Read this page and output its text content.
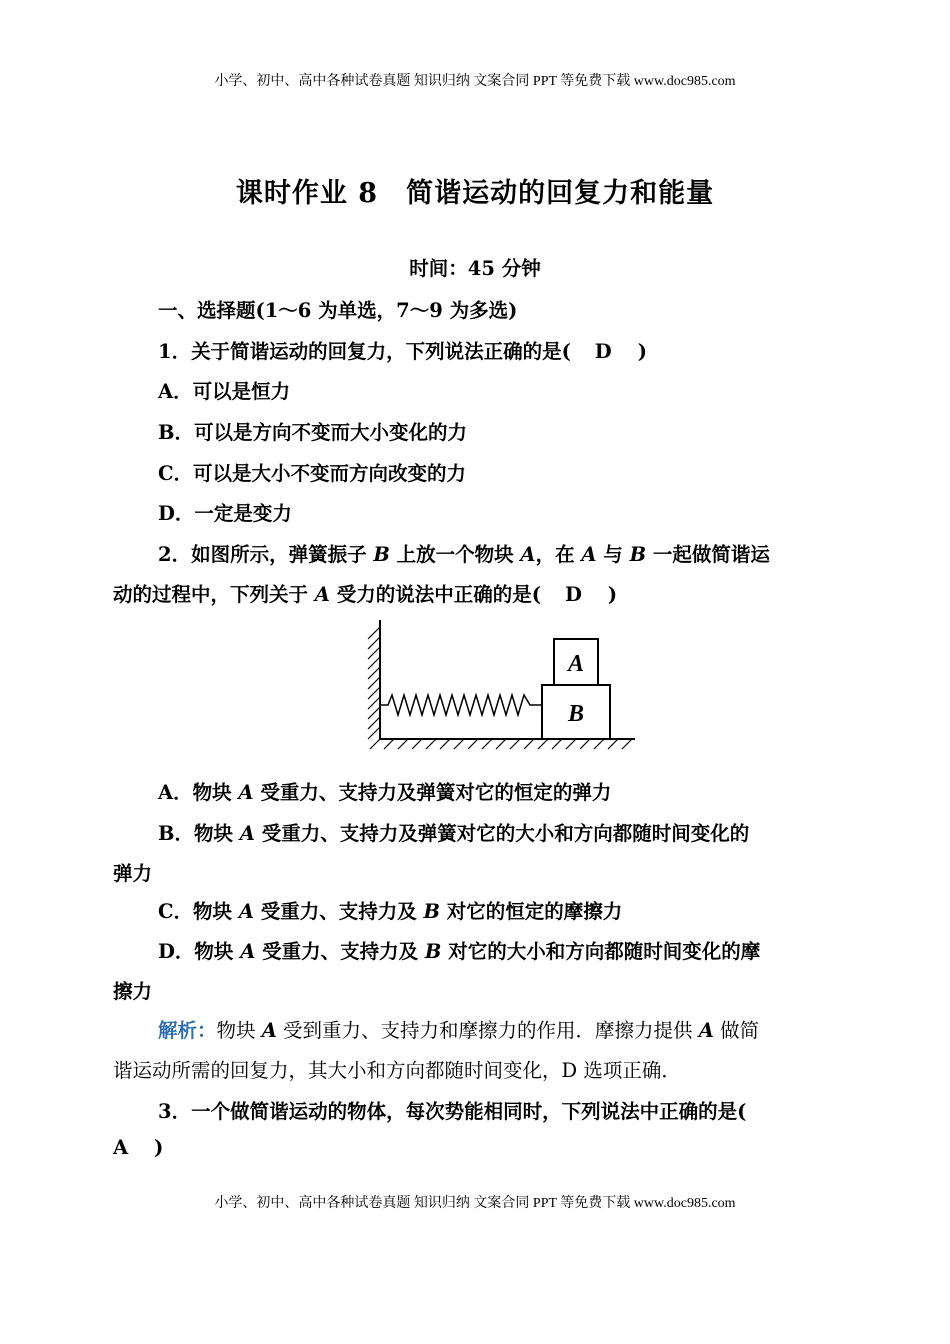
小学、初中、高中各种试卷真题 知识归纳 文案合同 PPT 等免费下载 www.doc985.com
课时作业 8　简谐运动的回复力和能量
时间：45 分钟
一、选择题(1～6 为单选，7～9 为多选)
1．关于简谐运动的回复力，下列说法正确的是( D )
A．可以是恒力
B．可以是方向不变而大小变化的力
C．可以是大小不变而方向改变的力
D．一定是变力
2．如图所示，弹簧振子 B 上放一个物块 A，在 A 与 B 一起做简谐运
动的过程中，下列关于 A 受力的说法中正确的是( D )
B
A
A．物块 A 受重力、支持力及弹簧对它的恒定的弹力
B．物块 A 受重力、支持力及弹簧对它的大小和方向都随时间变化的
弹力
C．物块 A 受重力、支持力及 B 对它的恒定的摩擦力
D．物块 A 受重力、支持力及 B 对它的大小和方向都随时间变化的摩
擦力
解析：物块 A 受到重力、支持力和摩擦力的作用．摩擦力提供 A 做简
谐运动所需的回复力，其大小和方向都随时间变化，D 选项正确．
3．一个做简谐运动的物体，每次势能相同时，下列说法中正确的是(
A )
小学、初中、高中各种试卷真题 知识归纳 文案合同 PPT 等免费下载 www.doc985.com
